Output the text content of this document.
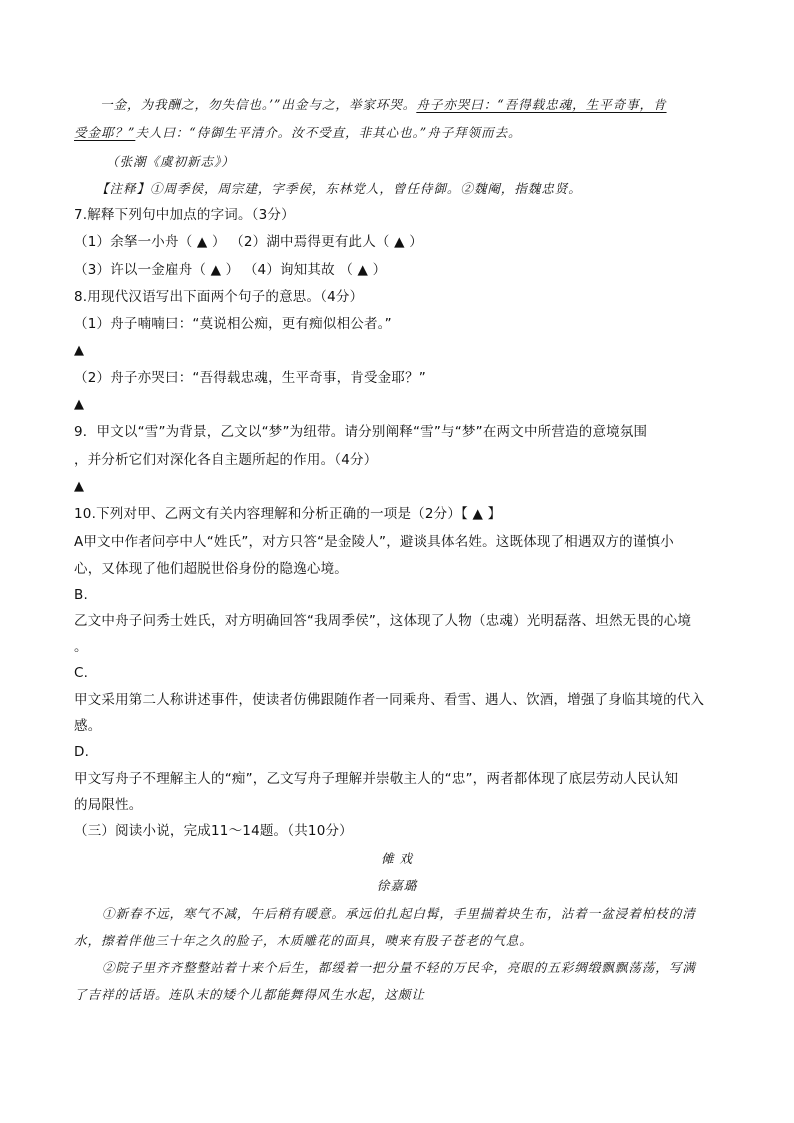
一金，为我酬之，勿失信也。’”出金与之，举家环哭。舟子亦哭曰：“吾得载忠魂，生平奇事，肯
受金耶？”夫人曰：“侍御生平清介。汝不受直，非其心也。”舟子拜领而去。
（张潮《虞初新志》）
【注释】①周季侯，周宗建，字季侯，东林党人，曾任侍御。②魏阉，指魏忠贤。
7.解释下列句中加点的字词。（3分）
（1）余拏一小舟（ ▲ ） （2）湖中焉得更有此人（ ▲ ）
（3）许以一金雇舟（ ▲ ） （4）询知其故 （ ▲ ）
8.用现代汉语写出下面两个句子的意思。（4分）
（1）舟子喃喃曰：“莫说相公痴，更有痴似相公者。”
▲
（2）舟子亦哭曰：“吾得载忠魂，生平奇事，肯受金耶？”
▲
9．甲文以“雪”为背景，乙文以“梦”为纽带。请分别阐释“雪”与“梦”在两文中所营造的意境氛围
，并分析它们对深化各自主题所起的作用。（4分）
▲
10.下列对甲、乙两文有关内容理解和分析正确的一项是（2分）【 ▲ 】
A甲文中作者问亭中人“姓氏”，对方只答“是金陵人”，避谈具体名姓。这既体现了相遇双方的谨慎小
心，又体现了他们超脱世俗身份的隐逸心境。
B.
乙文中舟子问秀士姓氏，对方明确回答“我周季侯”，这体现了人物（忠魂）光明磊落、坦然无畏的心境
。
C.
甲文采用第二人称讲述事件，使读者仿佛跟随作者一同乘舟、看雪、遇人、饮酒，增强了身临其境的代入
感。
D.
甲文写舟子不理解主人的“痴”，乙文写舟子理解并崇敬主人的“忠”，两者都体现了底层劳动人民认知
的局限性。
（三）阅读小说，完成11～14题。（共10分）
傩 戏
徐嘉璐
①新春不远，寒气不减，午后稍有暖意。承远伯扎起白髯，手里揣着块生布，沾着一盆浸着柏枝的清
水，擦着伴他三十年之久的脸子，木质雕花的面具，噢来有股子苍老的气息。
②院子里齐齐整整站着十来个后生，都缓着一把分量不轻的万民伞，亮眼的五彩绸缎飘飘荡荡，写满
了吉祥的话语。连队末的矮个儿都能舞得风生水起，这颇让
